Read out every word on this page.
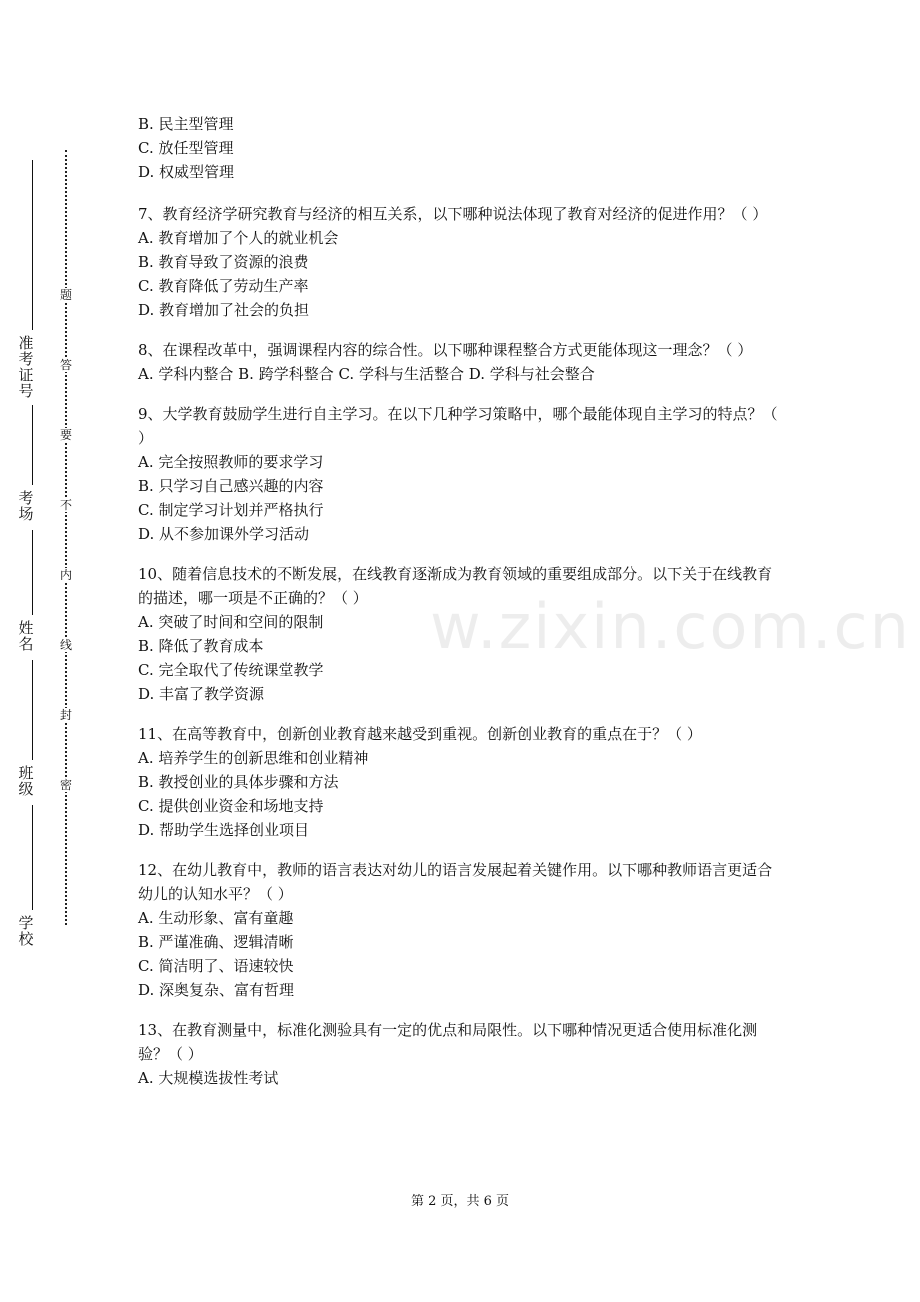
准考证号
考场
姓名
班级
学校
题
答
要
不
内
线
封
密
w.zixin.com.cn
B. 民主型管理
C. 放任型管理
D. 权威型管理
7、教育经济学研究教育与经济的相互关系，以下哪种说法体现了教育对经济的促进作用？（ ）
A. 教育增加了个人的就业机会
B. 教育导致了资源的浪费
C. 教育降低了劳动生产率
D. 教育增加了社会的负担
8、在课程改革中，强调课程内容的综合性。以下哪种课程整合方式更能体现这一理念？（ ）
A. 学科内整合 B. 跨学科整合 C. 学科与生活整合 D. 学科与社会整合
9、大学教育鼓励学生进行自主学习。在以下几种学习策略中，哪个最能体现自主学习的特点？（ ）
A. 完全按照教师的要求学习
B. 只学习自己感兴趣的内容
C. 制定学习计划并严格执行
D. 从不参加课外学习活动
10、随着信息技术的不断发展，在线教育逐渐成为教育领域的重要组成部分。以下关于在线教育的描述，哪一项是不正确的？（ ）
A. 突破了时间和空间的限制
B. 降低了教育成本
C. 完全取代了传统课堂教学
D. 丰富了教学资源
11、在高等教育中，创新创业教育越来越受到重视。创新创业教育的重点在于？（ ）
A. 培养学生的创新思维和创业精神
B. 教授创业的具体步骤和方法
C. 提供创业资金和场地支持
D. 帮助学生选择创业项目
12、在幼儿教育中，教师的语言表达对幼儿的语言发展起着关键作用。以下哪种教师语言更适合幼儿的认知水平？（ ）
A. 生动形象、富有童趣
B. 严谨准确、逻辑清晰
C. 简洁明了、语速较快
D. 深奥复杂、富有哲理
13、在教育测量中，标准化测验具有一定的优点和局限性。以下哪种情况更适合使用标准化测验？（ ）
A. 大规模选拔性考试
第 2 页，共 6 页
